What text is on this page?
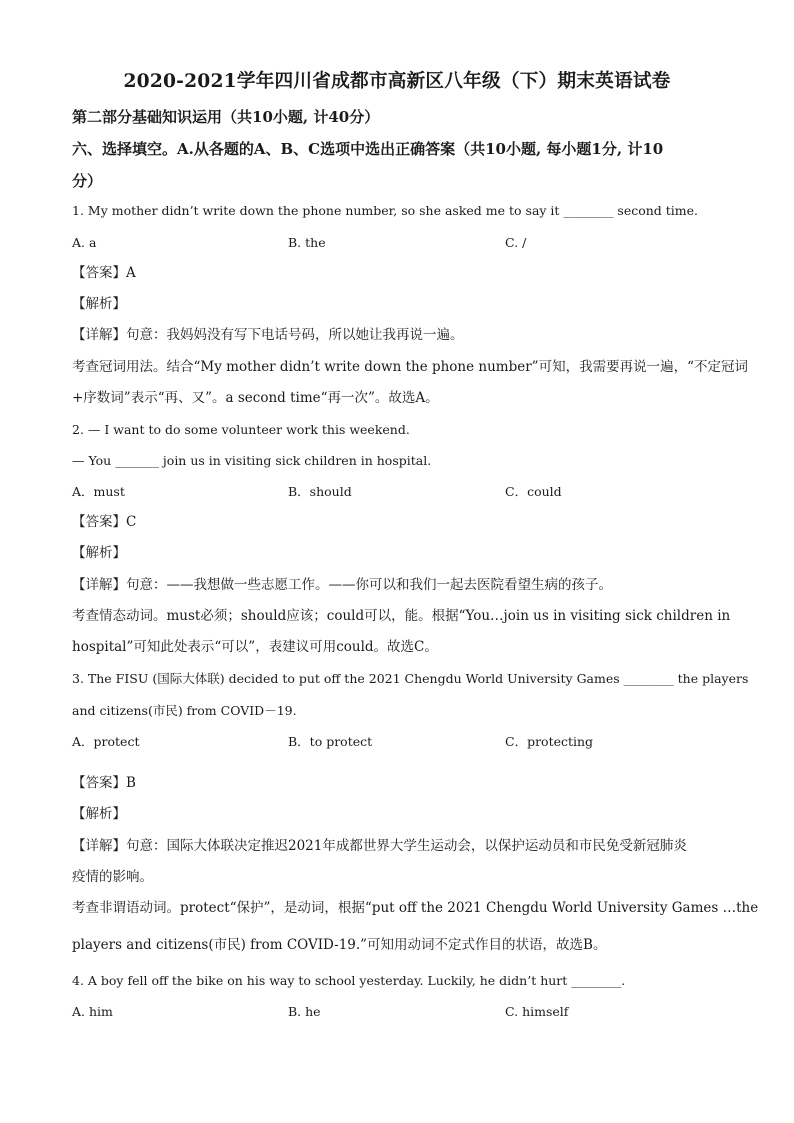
2020-2021学年四川省成都市高新区八年级（下）期末英语试卷
第二部分基础知识运用（共10小题, 计40分）
六、选择填空。A.从各题的A、B、C选项中选出正确答案（共10小题, 每小题1分, 计10
分）
1. My mother didn’t write down the phone number, so she asked me to say it ________ second time.
A. a	B. the	C. /
【答案】A
【解析】
【详解】句意：我妈妈没有写下电话号码，所以她让我再说一遍。
考查冠词用法。结合“My mother didn’t write down the phone number”可知，我需要再说一遍，“不定冠词
+序数词”表示“再、又”。a second time“再一次”。故选A。
2. — I want to do some volunteer work this weekend.
— You _______ join us in visiting sick children in hospital.
A．must	B．should	C．could
【答案】C
【解析】
【详解】句意：——我想做一些志愿工作。——你可以和我们一起去医院看望生病的孩子。
考查情态动词。must必须；should应该；could可以，能。根据“You…join us in visiting sick children in
hospital”可知此处表示“可以”，表建议可用could。故选C。
3. The FISU (国际大体联) decided to put off the 2021 Chengdu World University Games ________ the players
and citizens(市民) from COVID－19.
A．protect	B．to protect	C．protecting
【答案】B
【解析】
【详解】句意：国际大体联决定推迟2021年成都世界大学生运动会，以保护运动员和市民免受新冠肺炎
疫情的影响。
考查非谓语动词。protect“保护”，是动词，根据“put off the 2021 Chengdu World University Games …the
players and citizens(市民) from COVID-19.”可知用动词不定式作目的状语，故选B。
4. A boy fell off the bike on his way to school yesterday. Luckily, he didn’t hurt ________.
A. him	B. he	C. himself
